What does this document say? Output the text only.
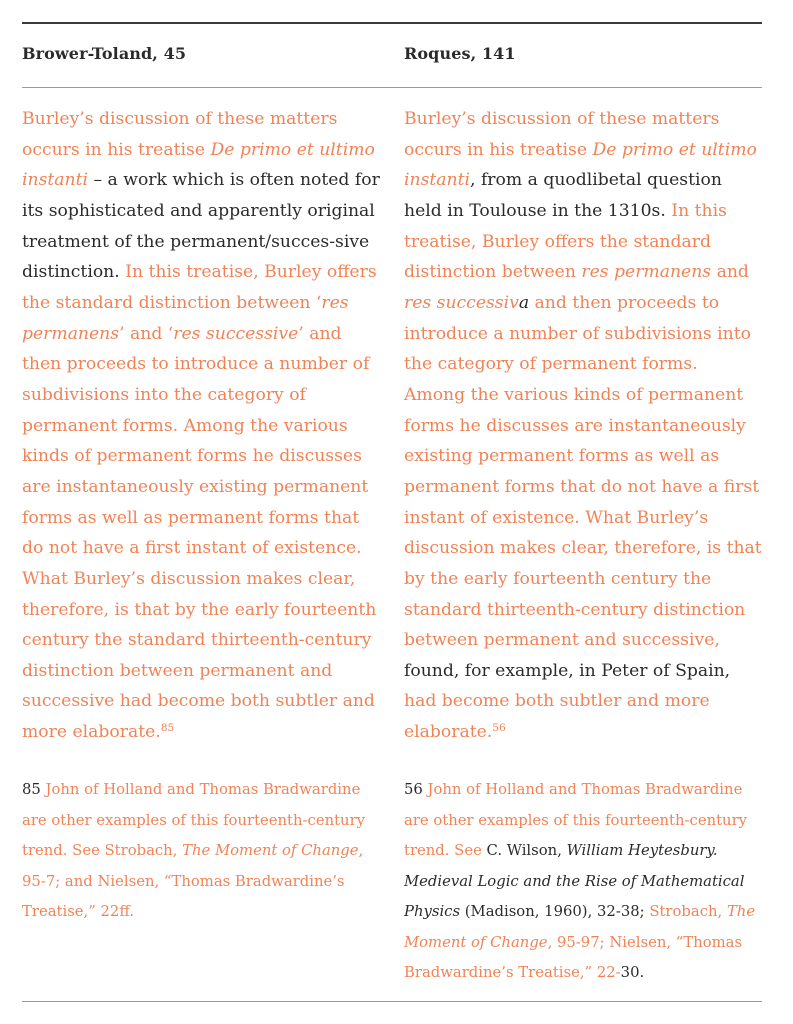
Brower-Toland, 45	Roques, 141
Burley’s discussion of these matters occurs in his treatise De primo et ultimo instanti – a work which is often noted for its sophisticated and apparently original treatment of the permanent/succes-sive distinction. In this treatise, Burley offers the standard distinction between ‘res permanens’ and ‘res successive’ and then proceeds to introduce a number of subdivisions into the category of permanent forms. Among the various kinds of permanent forms he discusses are instantaneously existing permanent forms as well as permanent forms that do not have a first instant of existence. What Burley’s discussion makes clear, therefore, is that by the early fourteenth century the standard thirteenth-century distinction between permanent and successive had become both subtler and more elaborate.$^{85}$
Burley’s discussion of these matters occurs in his treatise De primo et ultimo instanti, from a quodlibetal question held in Toulouse in the 1310s. In this treatise, Burley offers the standard distinction between res permanens and res successiva and then proceeds to introduce a number of subdivisions into the category of permanent forms. Among the various kinds of permanent forms he discusses are instantaneously existing permanent forms as well as permanent forms that do not have a first instant of existence. What Burley’s discussion makes clear, therefore, is that by the early fourteenth century the standard thirteenth-century distinction between permanent and successive, found, for example, in Peter of Spain, had become both subtler and more elaborate.$^{56}$
85 John of Holland and Thomas Bradwardine are other examples of this fourteenth-century trend. See Strobach, The Moment of Change, 95-7; and Nielsen, “Thomas Bradwardine’s Treatise,” 22ff.
56 John of Holland and Thomas Bradwardine are other examples of this fourteenth-century trend. See C. Wilson, William Heytesbury. Medieval Logic and the Rise of Mathematical Physics (Madison, 1960), 32-38; Strobach, The Moment of Change, 95-97; Nielsen, “Thomas Bradwardine’s Treatise,” 22-30.
